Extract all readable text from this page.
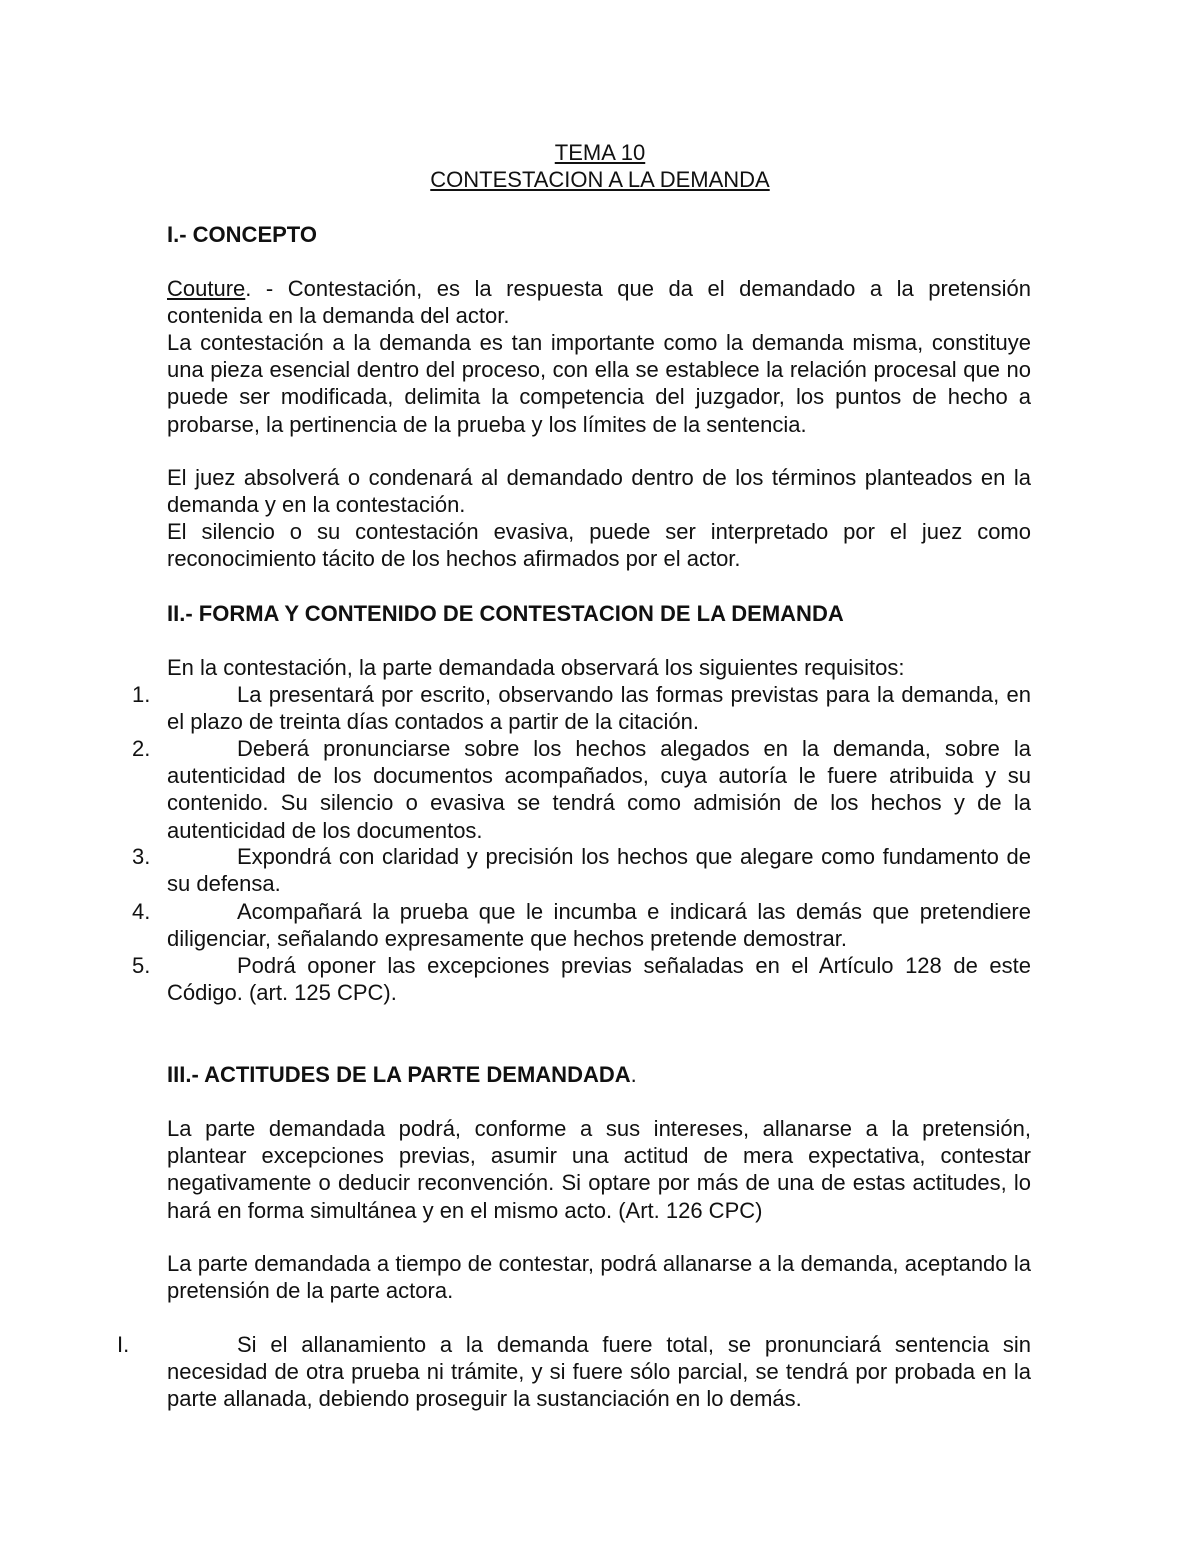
TEMA 10
CONTESTACION A LA DEMANDA
I.- CONCEPTO

Couture. - Contestación, es la respuesta que da el demandado a la pretensión contenida en la demanda del actor.

La contestación a la demanda es tan importante como la demanda misma, constituye una pieza esencial dentro del proceso, con ella se establece la relación procesal que no puede ser modificada, delimita la competencia del juzgador, los puntos de hecho a probarse, la pertinencia de la prueba y los límites de la sentencia.

El juez absolverá o condenará al demandado dentro de los términos planteados en la demanda y en la contestación.

El silencio o su contestación evasiva, puede ser interpretado por el juez como reconocimiento tácito de los hechos afirmados por el actor.

II.- FORMA Y CONTENIDO DE CONTESTACION DE LA DEMANDA

En la contestación, la parte demandada observará los siguientes requisitos:

1.	La presentará por escrito, observando las formas previstas para la demanda, en el plazo de treinta días contados a partir de la citación.
2.	Deberá pronunciarse sobre los hechos alegados en la demanda, sobre la autenticidad de los documentos acompañados, cuya autoría le fuere atribuida y su contenido. Su silencio o evasiva se tendrá como admisión de los hechos y de la autenticidad de los documentos.
3.	Expondrá con claridad y precisión los hechos que alegare como fundamento de su defensa.
4.	Acompañará la prueba que le incumba e indicará las demás que pretendiere diligenciar, señalando expresamente que hechos pretende demostrar.
5.	Podrá oponer las excepciones previas señaladas en el Artículo 128 de este Código. (art. 125 CPC).
III.- ACTITUDES DE LA PARTE DEMANDADA.

La parte demandada podrá, conforme a sus intereses, allanarse a la pretensión, plantear excepciones previas, asumir una actitud de mera expectativa, contestar negativamente o deducir reconvención. Si optare por más de una de estas actitudes, lo hará en forma simultánea y en el mismo acto. (Art. 126 CPC)

La parte demandada a tiempo de contestar, podrá allanarse a la demanda, aceptando la pretensión de la parte actora.

I.	Si el allanamiento a la demanda fuere total, se pronunciará sentencia sin necesidad de otra prueba ni trámite, y si fuere sólo parcial, se tendrá por probada en la parte allanada, debiendo proseguir la sustanciación en lo demás.
